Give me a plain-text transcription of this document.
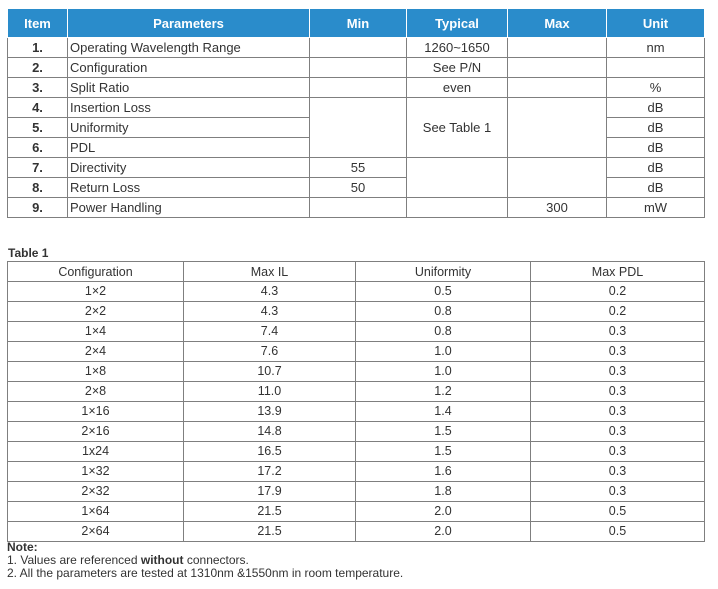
Item	Parameters	Min	Typical	Max	Unit
1.	Operating Wavelength Range		1260~1650		nm
2.	Configuration		See P/N		
3.	Split Ratio		even		%
4.	Insertion Loss		See Table 1		dB
5.	Uniformity				dB
6.	PDL				dB
7.	Directivity	55			dB
8.	Return Loss	50			dB
9.	Power Handling			300	mW
Table 1
Configuration	Max IL	Uniformity	Max PDL
1×2	4.3	0.5	0.2
2×2	4.3	0.8	0.2
1×4	7.4	0.8	0.3
2×4	7.6	1.0	0.3
1×8	10.7	1.0	0.3
2×8	11.0	1.2	0.3
1×16	13.9	1.4	0.3
2×16	14.8	1.5	0.3
1x24	16.5	1.5	0.3
1×32	17.2	1.6	0.3
2×32	17.9	1.8	0.3
1×64	21.5	2.0	0.5
2×64	21.5	2.0	0.5
Note:
1. Values are referenced without connectors.
2. All the parameters are tested at 1310nm &1550nm in room temperature.
